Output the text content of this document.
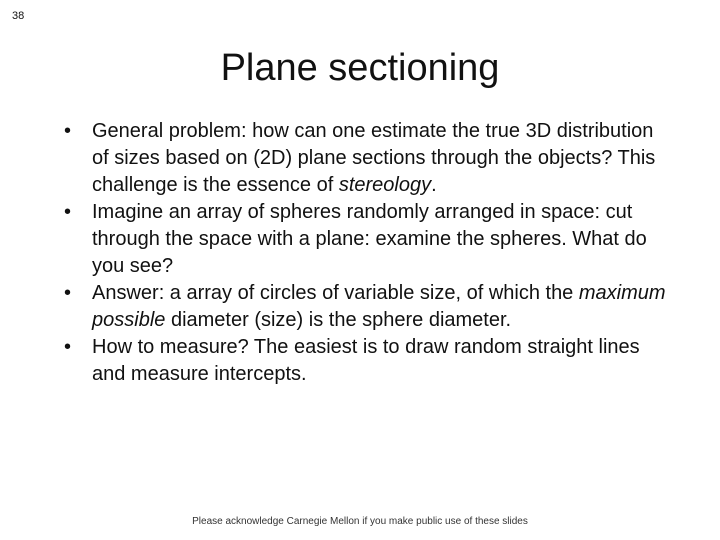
38
Plane sectioning
• General problem: how can one estimate the true 3D distribution of sizes based on (2D) plane sections through the objects? This challenge is the essence of stereology.
• Imagine an array of spheres randomly arranged in space: cut through the space with a plane: examine the spheres. What do you see?
• Answer: a array of circles of variable size, of which the maximum possible diameter (size) is the sphere diameter.
• How to measure? The easiest is to draw random straight lines and measure intercepts.
Please acknowledge Carnegie Mellon if you make public use of these slides
